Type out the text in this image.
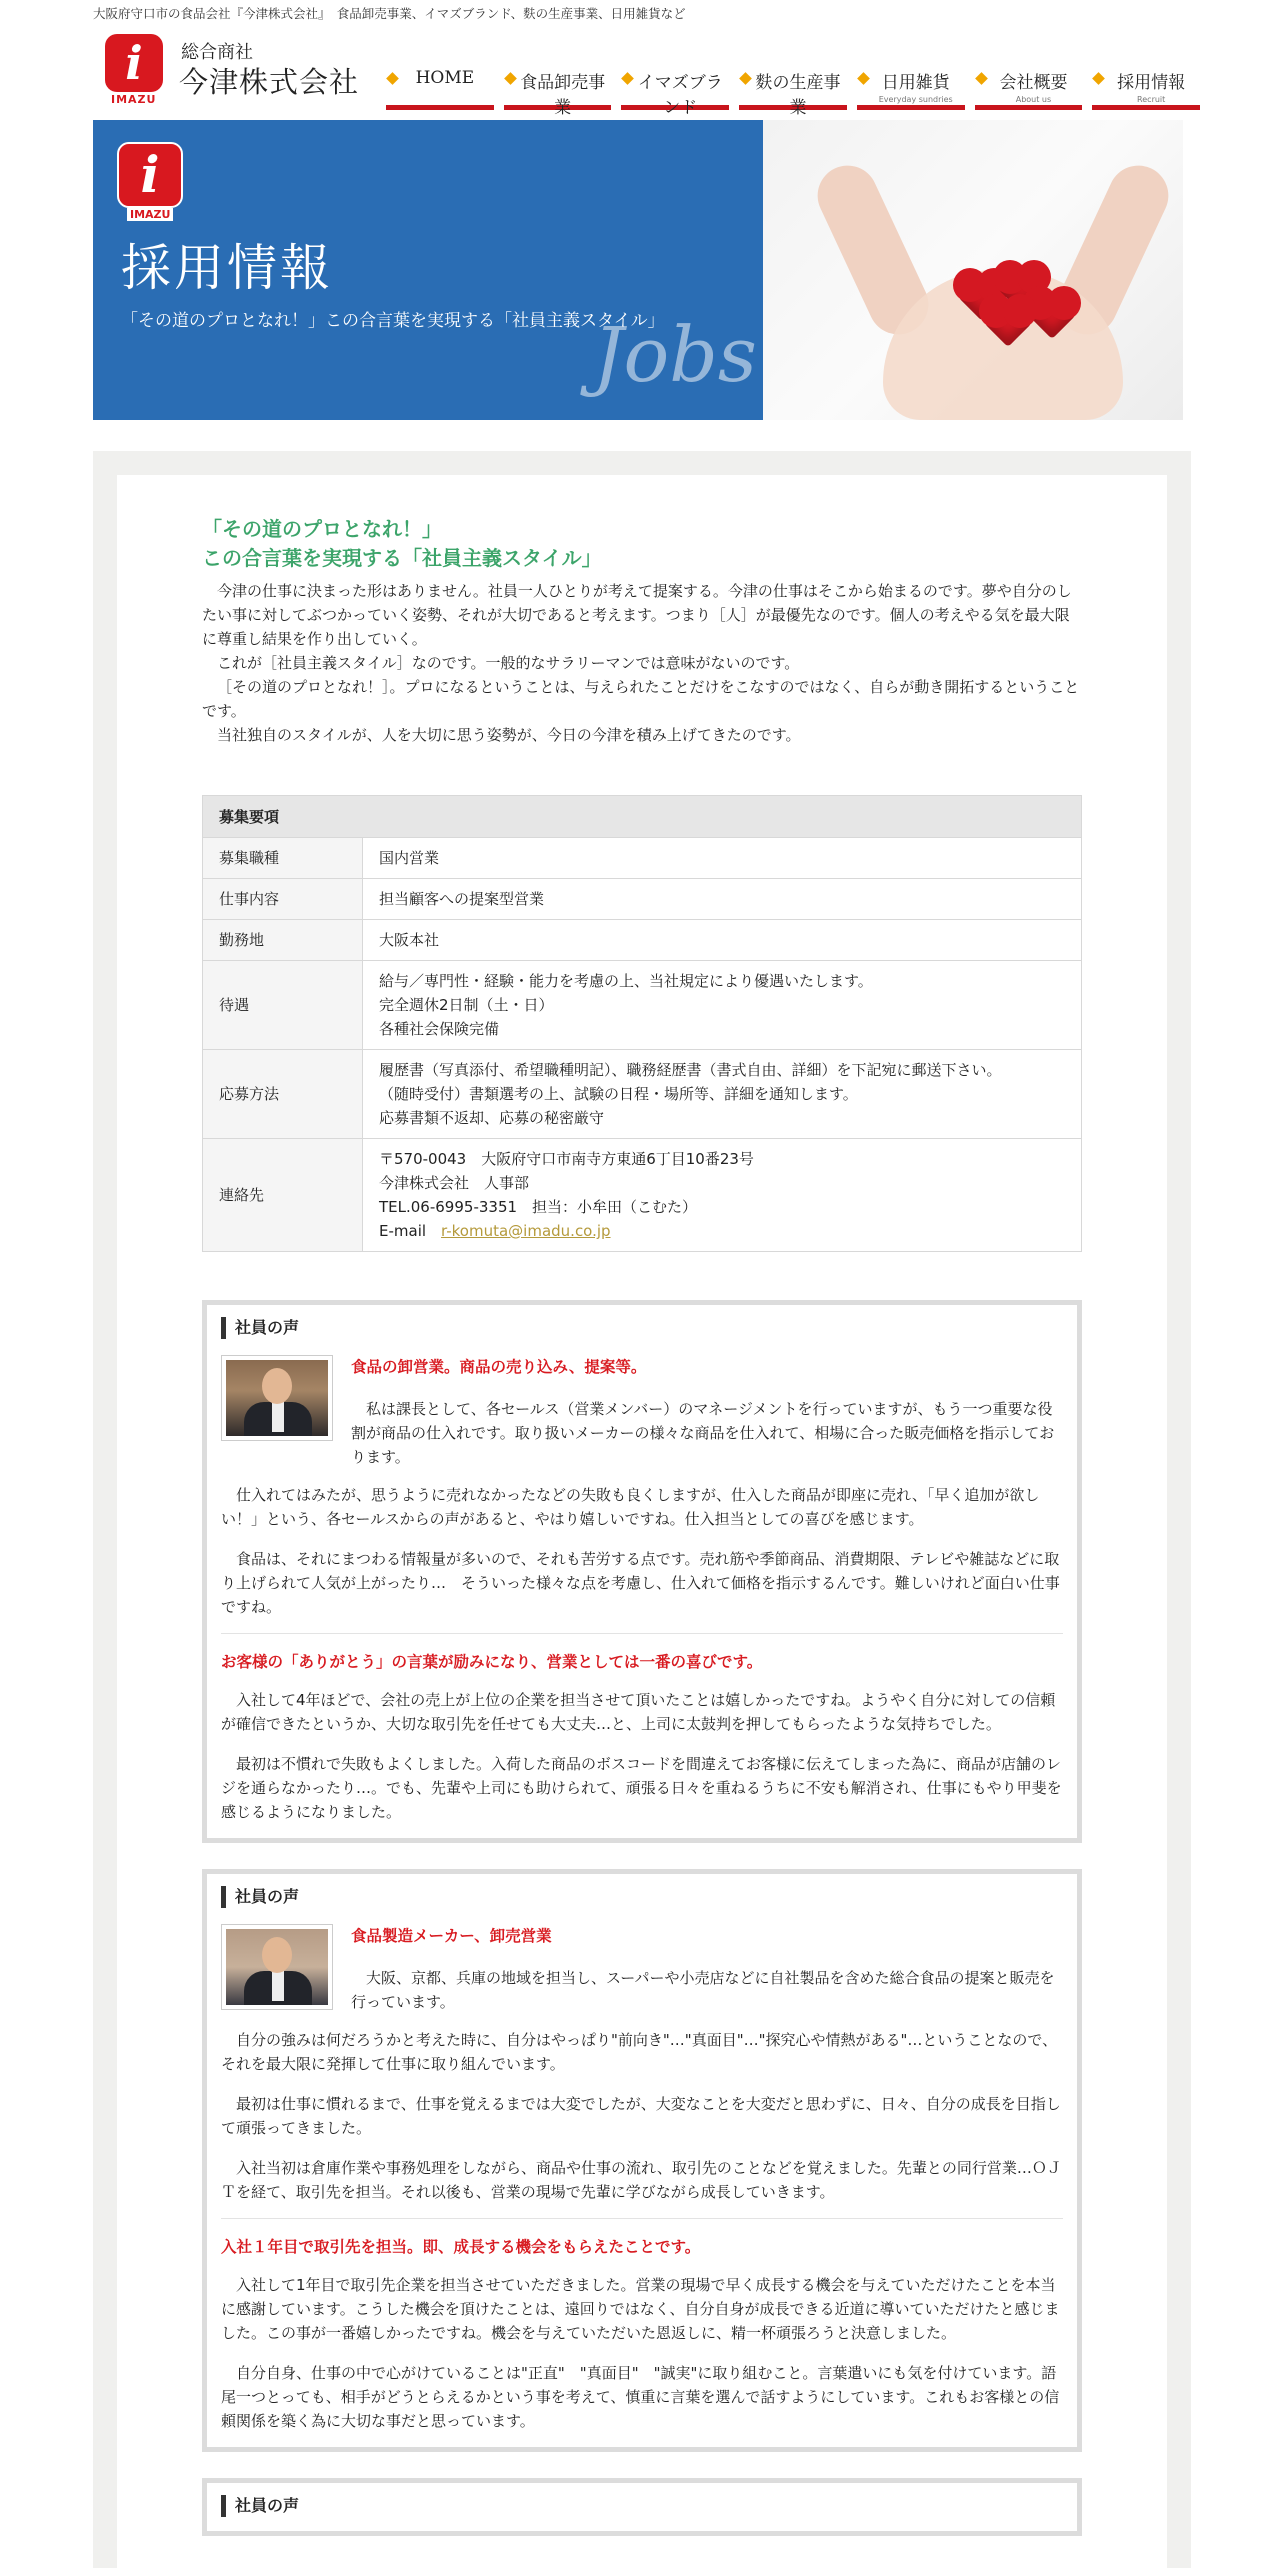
大阪府守口市の食品会社『今津株式会社』　食品卸売事業、イマズブランド、麩の生産事業、日用雑貨など
i
IMAZU
総合商社
今津株式会社	HOME	食品卸売事業
イマズブランド
麩の生産事業
日用雑貨
Everyday sundries
会社概要
About us
採用情報
Recruit
i
IMAZU
採用情報
「その道のプロとなれ！」この合言葉を実現する「社員主義スタイル」
Jobs
「その道のプロとなれ！」
この合言葉を実現する「社員主義スタイル」

今津の仕事に決まった形はありません。社員一人ひとりが考えて提案する。今津の仕事はそこから始まるのです。夢や自分のしたい事に対してぶつかっていく姿勢、それが大切であると考えます。つまり［人］が最優先なのです。個人の考えやる気を最大限に尊重し結果を作り出していく。

これが［社員主義スタイル］なのです。一般的なサラリーマンでは意味がないのです。

［その道のプロとなれ！］。プロになるということは、与えられたことだけをこなすのではなく、自らが動き開拓するということです。

当社独自のスタイルが、人を大切に思う姿勢が、今日の今津を積み上げてきたのです。

募集要項	
募集職種	国内営業

仕事内容	担当顧客への提案型営業

勤務地	大阪本社

待遇	給与／専門性・経験・能力を考慮の上、当社規定により優遇いたします。
完全週休2日制（土・日）
各種社会保険完備

応募方法	履歴書（写真添付、希望職種明記）、職務経歴書（書式自由、詳細）を下記宛に郵送下さい。
（随時受付）書類選考の上、試験の日程・場所等、詳細を通知します。
応募書類不返却、応募の秘密厳守

連絡先	〒570-0043　大阪府守口市南寺方東通6丁目10番23号
今津株式会社　人事部
TEL.06-6995-3351　担当：小牟田（こむた）
E-mail　r-komuta@imadu.co.jp
社員の声
食品の卸営業。商品の売り込み、提案等。

私は課長として、各セールス（営業メンバー）のマネージメントを行っていますが、もう一つ重要な役割が商品の仕入れです。取り扱いメーカーの様々な商品を仕入れて、相場に合った販売価格を指示しております。

仕入れてはみたが、思うように売れなかったなどの失敗も良くしますが、仕入した商品が即座に売れ、「早く追加が欲しい！」という、各セールスからの声があると、やはり嬉しいですね。仕入担当としての喜びを感じます。

食品は、それにまつわる情報量が多いので、それも苦労する点です。売れ筋や季節商品、消費期限、テレビや雑誌などに取り上げられて人気が上がったり…　そういった様々な点を考慮し、仕入れて価格を指示するんです。難しいけれど面白い仕事ですね。

お客様の「ありがとう」の言葉が励みになり、営業としては一番の喜びです。

入社して4年ほどで、会社の売上が上位の企業を担当させて頂いたことは嬉しかったですね。ようやく自分に対しての信頼が確信できたというか、大切な取引先を任せても大丈夫…と、上司に太鼓判を押してもらったような気持ちでした。

最初は不慣れで失敗もよくしました。入荷した商品のボスコードを間違えてお客様に伝えてしまった為に、商品が店舗のレジを通らなかったり…。でも、先輩や上司にも助けられて、頑張る日々を重ねるうちに不安も解消され、仕事にもやり甲斐を感じるようになりました。

社員の声
食品製造メーカー、卸売営業

大阪、京都、兵庫の地域を担当し、スーパーや小売店などに自社製品を含めた総合食品の提案と販売を行っています。

自分の強みは何だろうかと考えた時に、自分はやっぱり"前向き"…"真面目"…"探究心や情熱がある"…ということなので、それを最大限に発揮して仕事に取り組んでいます。

最初は仕事に慣れるまで、仕事を覚えるまでは大変でしたが、大変なことを大変だと思わずに、日々、自分の成長を目指して頑張ってきました。

入社当初は倉庫作業や事務処理をしながら、商品や仕事の流れ、取引先のことなどを覚えました。先輩との同行営業…ＯＪＴを経て、取引先を担当。それ以後も、営業の現場で先輩に学びながら成長していきます。

入社１年目で取引先を担当。即、成長する機会をもらえたことです。

入社して1年目で取引先企業を担当させていただきました。営業の現場で早く成長する機会を与えていただけたことを本当に感謝しています。こうした機会を頂けたことは、遠回りではなく、自分自身が成長できる近道に導いていただけたと感じました。この事が一番嬉しかったですね。機会を与えていただいた恩返しに、精一杯頑張ろうと決意しました。

自分自身、仕事の中で心がけていることは"正直"　"真面目"　"誠実"に取り組むこと。言葉遣いにも気を付けています。語尾一つとっても、相手がどうとらえるかという事を考えて、慎重に言葉を選んで話すようにしています。これもお客様との信頼関係を築く為に大切な事だと思っています。

社員の声
